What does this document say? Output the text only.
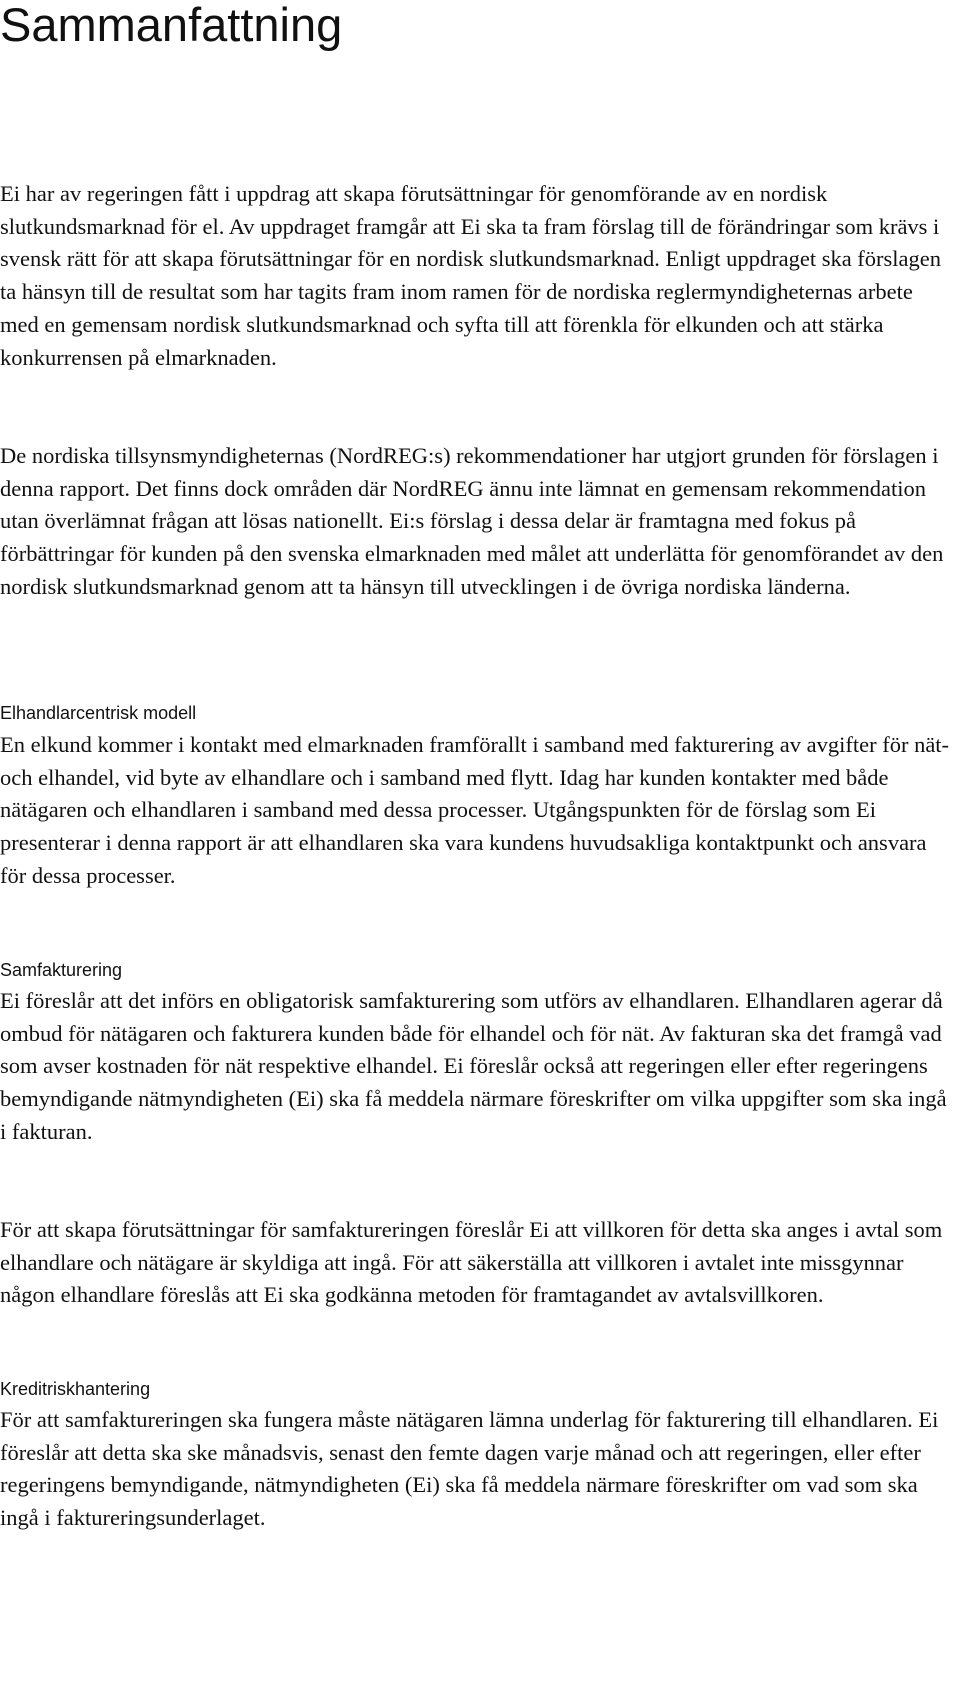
Sammanfattning

Ei har av regeringen fått i uppdrag att skapa förutsättningar för genomförande av en nordisk slutkundsmarknad för el. Av uppdraget framgår att Ei ska ta fram förslag till de förändringar som krävs i svensk rätt för att skapa förutsättningar för en nordisk slutkundsmarknad. Enligt uppdraget ska förslagen ta hänsyn till de resultat som har tagits fram inom ramen för de nordiska reglermyndigheternas arbete med en gemensam nordisk slutkundsmarknad och syfta till att förenkla för elkunden och att stärka konkurrensen på elmarknaden.

De nordiska tillsynsmyndigheternas (NordREG:s) rekommendationer har utgjort grunden för förslagen i denna rapport. Det finns dock områden där NordREG ännu inte lämnat en gemensam rekommendation utan överlämnat frågan att lösas nationellt. Ei:s förslag i dessa delar är framtagna med fokus på förbättringar för kunden på den svenska elmarknaden med målet att underlätta för genomförandet av den nordisk slutkundsmarknad genom att ta hänsyn till utvecklingen i de övriga nordiska länderna.

Elhandlarcentrisk modell

En elkund kommer i kontakt med elmarknaden framförallt i samband med fakturering av avgifter för nät- och elhandel, vid byte av elhandlare och i samband med flytt. Idag har kunden kontakter med både nätägaren och elhandlaren i samband med dessa processer. Utgångspunkten för de förslag som Ei presenterar i denna rapport är att elhandlaren ska vara kundens huvudsakliga kontaktpunkt och ansvara för dessa processer.

Samfakturering

Ei föreslår att det införs en obligatorisk samfakturering som utförs av elhandlaren. Elhandlaren agerar då ombud för nätägaren och fakturera kunden både för elhandel och för nät. Av fakturan ska det framgå vad som avser kostnaden för nät respektive elhandel. Ei föreslår också att regeringen eller efter regeringens bemyndigande nätmyndigheten (Ei) ska få meddela närmare föreskrifter om vilka uppgifter som ska ingå i fakturan.

För att skapa förutsättningar för samfaktureringen föreslår Ei att villkoren för detta ska anges i avtal som elhandlare och nätägare är skyldiga att ingå. För att säkerställa att villkoren i avtalet inte missgynnar någon elhandlare föreslås att Ei ska godkänna metoden för framtagandet av avtalsvillkoren.

Kreditriskhantering

För att samfaktureringen ska fungera måste nätägaren lämna underlag för fakturering till elhandlaren. Ei föreslår att detta ska ske månadsvis, senast den femte dagen varje månad och att regeringen, eller efter regeringens bemyndigande, nätmyndigheten (Ei) ska få meddela närmare föreskrifter om vad som ska ingå i faktureringsunderlaget.
